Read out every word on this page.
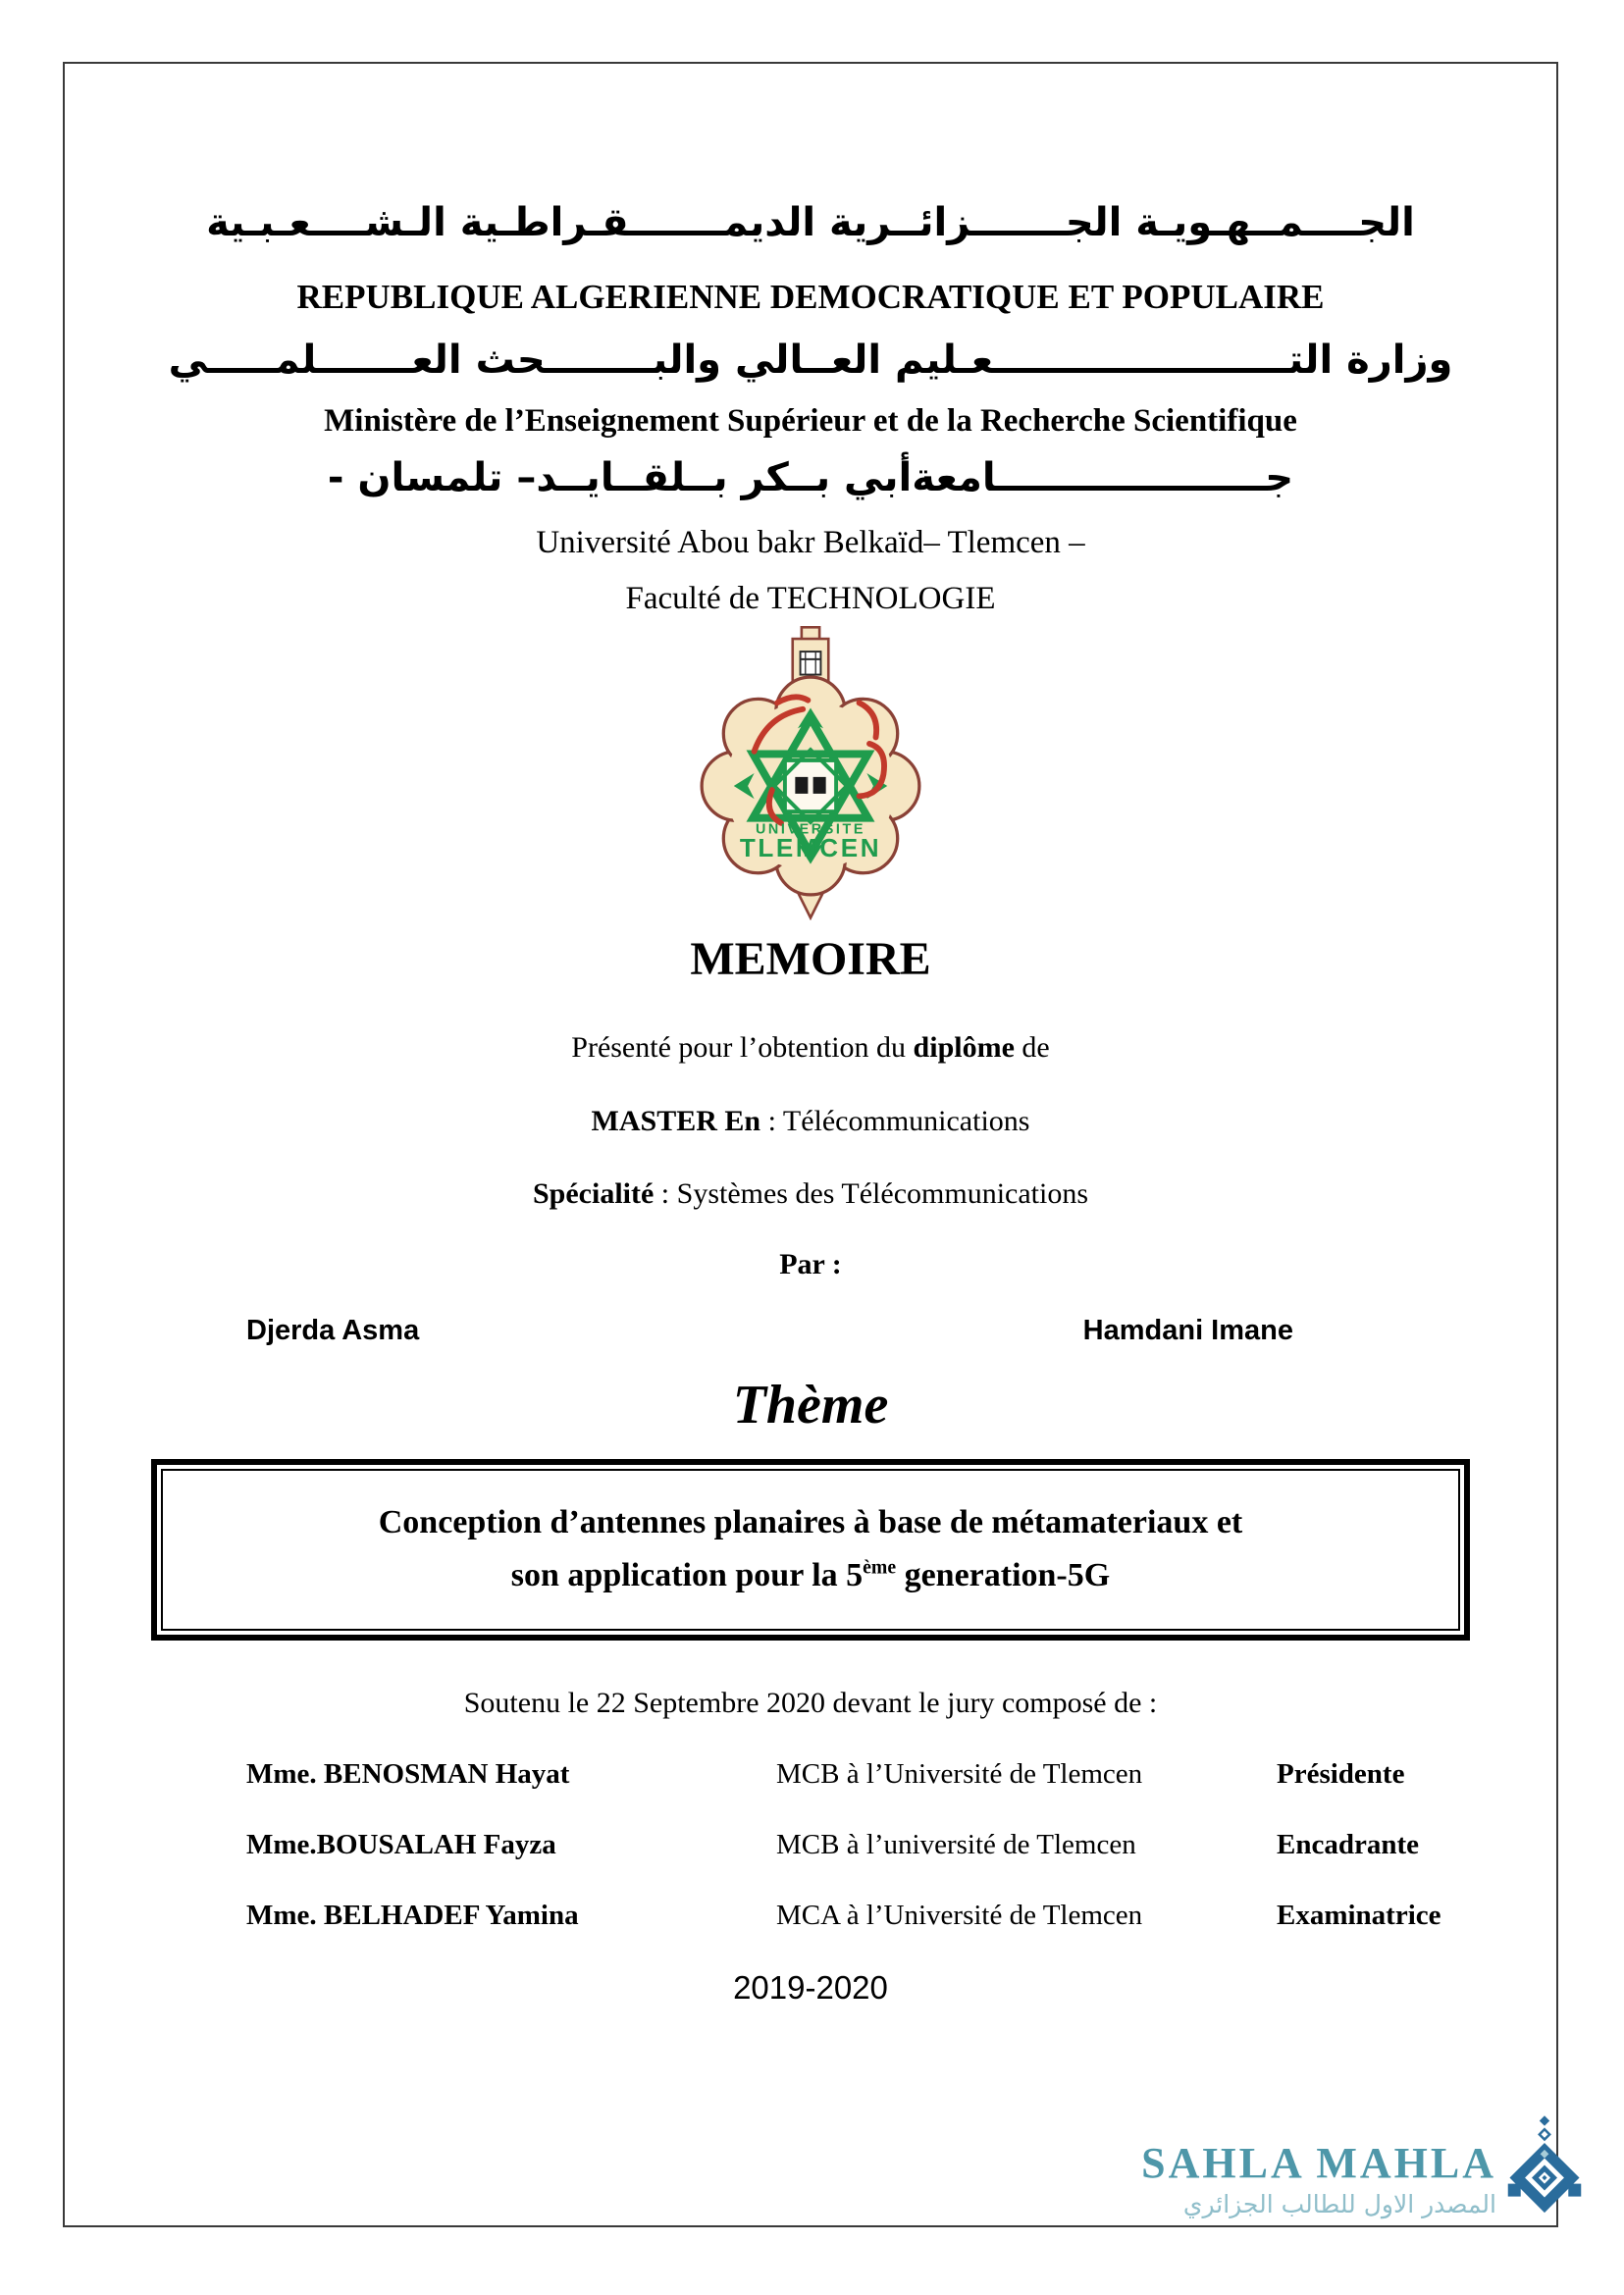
الجــــمــهـويـة الجـــــــزائــرية الديمـــــــقـراطـية الـشــــعـبـية
REPUBLIQUE ALGERIENNE DEMOCRATIQUE ET POPULAIRE
وزارة التــــــــــــــــــــــعـليم العــالي والبــــــــحث العـــــــلمـــــي
Ministère de l’Enseignement Supérieur et de la Recherche Scientifique
جــــــــــــــــــــامعةأبي بــكر بــلقــايــد– تلمسان -
Université Abou bakr Belkaïd– Tlemcen –
Faculté de TECHNOLOGIE
UNIVERSITE
TLEMCEN
MEMOIRE
Présenté pour l’obtention du diplôme de
MASTER En : Télécommunications
Spécialité : Systèmes des Télécommunications
Par :
Djerda Asma	Hamdani Imane
Thème
Conception d’antennes planaires à base de métamateriaux et
son application pour la 5ème generation-5G
Soutenu le 22 Septembre 2020 devant le jury composé de :
Mme. BENOSMAN Hayat	MCB à l’Université de Tlemcen	Présidente
Mme.BOUSALAH Fayza	MCB à l’université de Tlemcen	Encadrante
Mme. BELHADEF Yamina	MCA à l’Université de Tlemcen	Examinatrice
2019-2020
SAHLA MAHLA
المصدر الاول للطالب الجزائري
